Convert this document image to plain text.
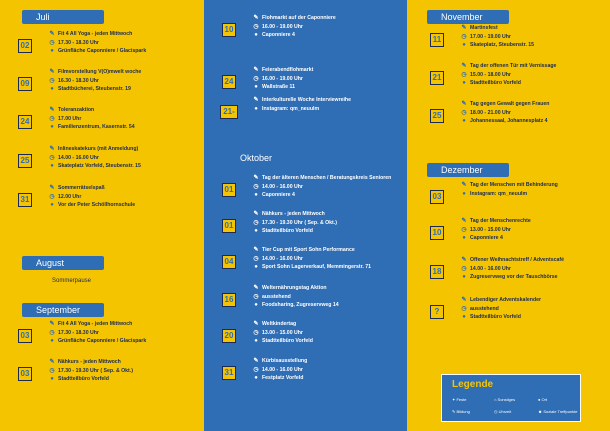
Juli
August
Sommerpause
September
Oktober
November
Dezember
✎ Fit 4 All Yoga - jeden Mittwoch
◷ 17.30 - 18.30 Uhr
● Grünfläche Caponniere / Glacispark
✎ Filmvorstellung V(O)mwelt woche
◷ 16.30 - 18.30 Uhr
● Stadtbücherei, Steubenstr. 19
✎ Toleranzaktion
◷ 17.00 Uhr
● Familienzentrum, Kasernstr. 54
✎ Inlineskatekurs (mit Anmeldung)
◷ 14.00 - 16.00 Uhr
● Skateplatz Vorfeld, Steubenstr. 15
✎ Sommerrätselspaß
◷ 12.00 Uhr
● Vor der Peter Schöllhornschule
✎ Fit 4 All Yoga - jeden Mittwoch
◷ 17.30 - 18.30 Uhr
● Grünfläche Caponniere / Glacispark
✎ Nähkurs - jeden Mittwoch
◷ 17.30 - 19.30 Uhr ( Sep. & Okt.)
● Stadtteilbüro Vorfeld
✎ Flohmarkt auf der Caponniere
◷ 16.00 - 19.00 Uhr
● Caponniere 4
✎ Feierabendflohmarkt
◷ 16.00 - 19.00 Uhr
● Wallstraße 11
✎ Interkulturelle Woche Interviewreihe
● Instagram: qm_neuulm
✎ Tag der älteren Menschen / Beratungskreis Senioren
◷ 14.00 - 16.00 Uhr
● Caponniere 4
✎ Nähkurs - jeden Mittwoch
◷ 17.30 - 19.30 Uhr ( Sep. & Okt.)
● Stadtteilbüro Vorfeld
✎ Tier Cup mit Sport Sohn Performance
◷ 14.00 - 16.00 Uhr
● Sport Sohn Lagerverkauf, Memmingerstr. 71
✎ Welternährungstag Aktion
◷ ausstehend
● Foodsharing, Zugreservweg 14
✎ Weltkindertag
◷ 13.00 - 15.00 Uhr
● Stadtteilbüro Vorfeld
✎ Kürbisausstellung
◷ 14.00 - 16.00 Uhr
● Festplatz Vorfeld
✎ Martinsfest
◷ 17.00 - 19.00 Uhr
● Skateplatz, Steubenstr. 15
✎ Tag der offenen Tür mit Vernissage
◷ 15.00 - 18.00 Uhr
● Stadtteilbüro Vorfeld
✎ Tag gegen Gewalt gegen Frauen
◷ 18.00 - 21.00 Uhr
● Johannessaal, Johannesplatz 4
✎ Tag der Menschen mit Behinderung
● Instagram: qm_neuulm
✎ Tag der Menschenrechte
◷ 13.00 - 15.00 Uhr
● Caponniere 4
✎ Offener Weihnachtstreff / Adventscafé
◷ 14.00 - 16.00 Uhr
● Zugreservweg vor der Tauschbörse
✎ Lebendiger Adventskalender
◷ ausstehend
● Stadtteilbüro Vorfeld
Legende
✦ Feste	⌂ Sonstiges	● Ort
✎ Bildung	◷ Uhrzeit	☻ Soziale Treffpunkte
02
09
24
25
31
03
03
10
24
21-28
01
01
04
16
20
31
11
21
25
03
10
18
?
